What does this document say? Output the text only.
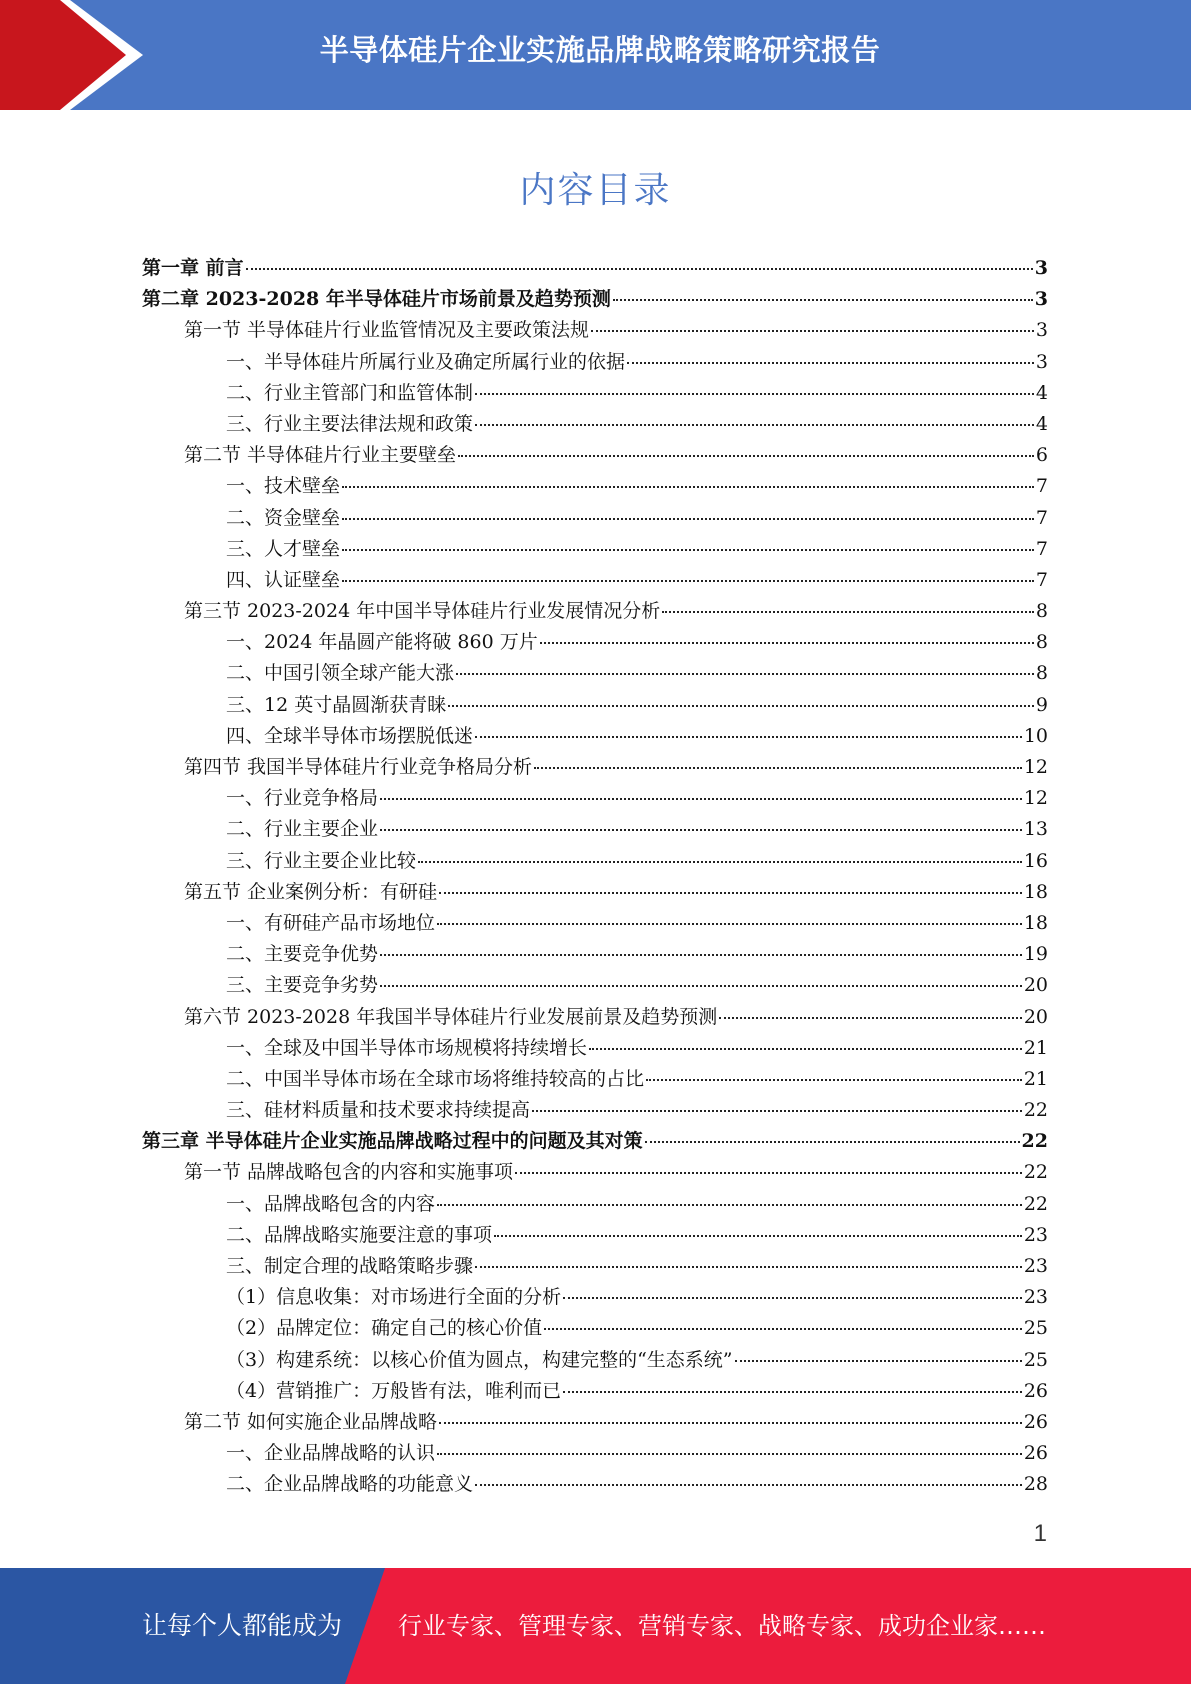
半导体硅片企业实施品牌战略策略研究报告
内容目录
第一章 前言	3
第二章 2023-2028 年半导体硅片市场前景及趋势预测	3
第一节 半导体硅片行业监管情况及主要政策法规	3
一、半导体硅片所属行业及确定所属行业的依据	3
二、行业主管部门和监管体制	4
三、行业主要法律法规和政策	4
第二节 半导体硅片行业主要壁垒	6
一、技术壁垒	7
二、资金壁垒	7
三、人才壁垒	7
四、认证壁垒	7
第三节 2023-2024 年中国半导体硅片行业发展情况分析	8
一、2024 年晶圆产能将破 860 万片	8
二、中国引领全球产能大涨	8
三、12 英寸晶圆渐获青睐	9
四、全球半导体市场摆脱低迷	10
第四节 我国半导体硅片行业竞争格局分析	12
一、行业竞争格局	12
二、行业主要企业	13
三、行业主要企业比较	16
第五节 企业案例分析：有研硅	18
一、有研硅产品市场地位	18
二、主要竞争优势	19
三、主要竞争劣势	20
第六节 2023-2028 年我国半导体硅片行业发展前景及趋势预测	20
一、全球及中国半导体市场规模将持续增长	21
二、中国半导体市场在全球市场将维持较高的占比	21
三、硅材料质量和技术要求持续提高	22
第三章 半导体硅片企业实施品牌战略过程中的问题及其对策	22
第一节 品牌战略包含的内容和实施事项	22
一、品牌战略包含的内容	22
二、品牌战略实施要注意的事项	23
三、制定合理的战略策略步骤	23
（1）信息收集：对市场进行全面的分析	23
（2）品牌定位：确定自己的核心价值	25
（3）构建系统：以核心价值为圆点，构建完整的“生态系统”	25
（4）营销推广：万般皆有法，唯利而已	26
第二节 如何实施企业品牌战略	26
一、企业品牌战略的认识	26
二、企业品牌战略的功能意义	28
1
让每个人都能成为 行业专家、管理专家、营销专家、战略专家、成功企业家……
